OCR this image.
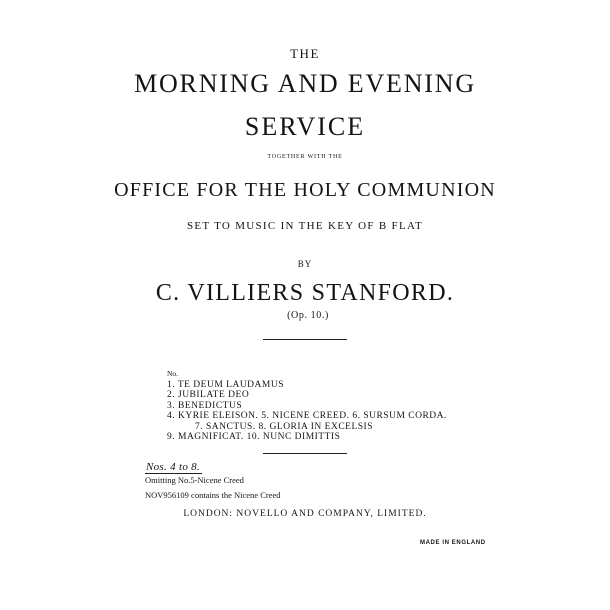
THE
MORNING AND EVENING
SERVICE
TOGETHER WITH THE
OFFICE FOR THE HOLY COMMUNION
SET TO MUSIC IN THE KEY OF B FLAT
BY
C. VILLIERS STANFORD.
(Op. 10.)
No.
1. TE DEUM LAUDAMUS
2. JUBILATE DEO
3. BENEDICTUS
4. KYRIE ELEISON. 5. NICENE CREED. 6. SURSUM CORDA.
7. SANCTUS. 8. GLORIA IN EXCELSIS
9. MAGNIFICAT. 10. NUNC DIMITTIS
Nos. 4 to 8.
Omitting No.5-Nicene Creed
NOV956109 contains the Nicene Creed
LONDON: NOVELLO AND COMPANY, LIMITED.
MADE IN ENGLAND
